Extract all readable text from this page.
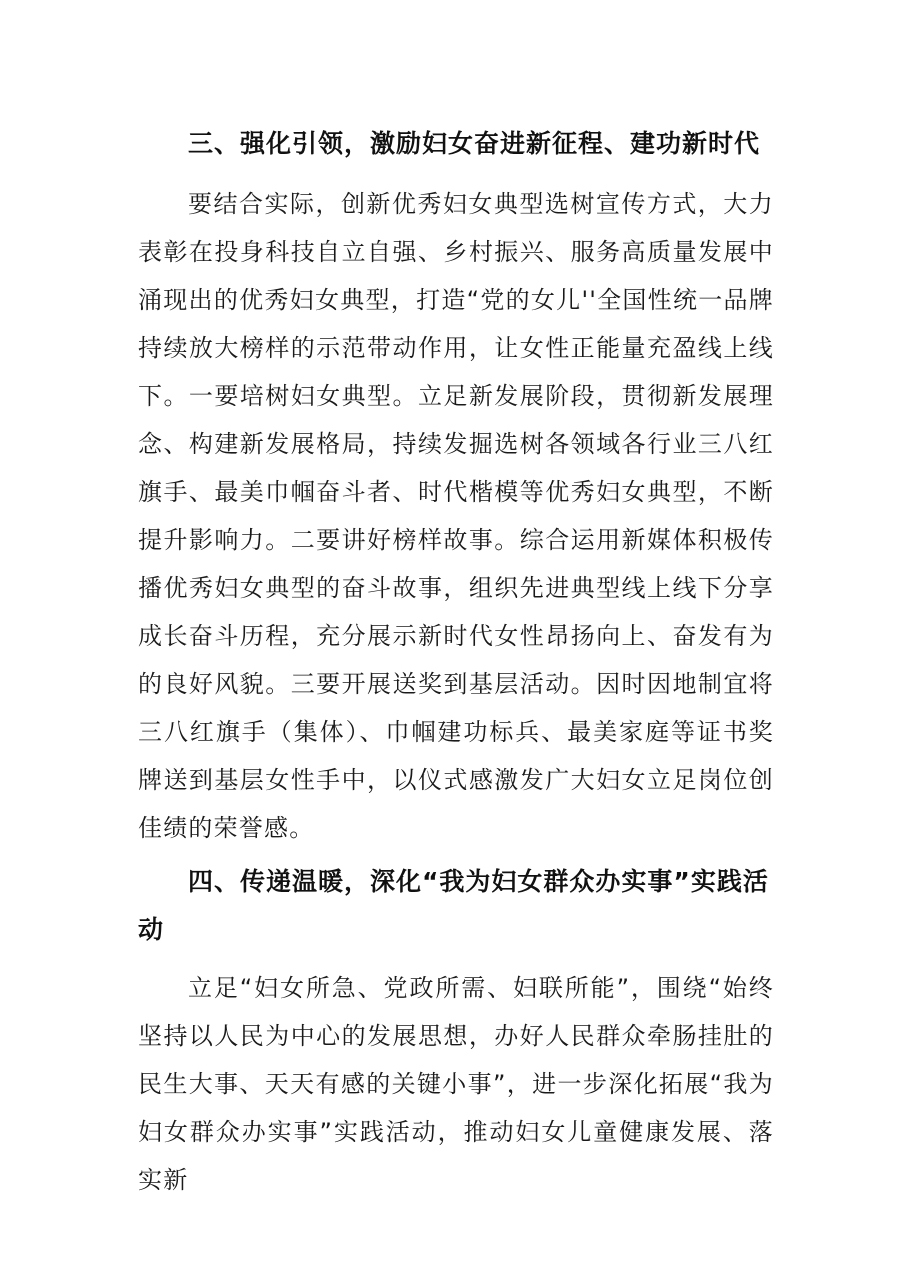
三、强化引领，激励妇女奋进新征程、建功新时代

要结合实际，创新优秀妇女典型选树宣传方式，大力表彰在投身科技自立自强、乡村振兴、服务高质量发展中涌现出的优秀妇女典型，打造“党的女儿''全国性统一品牌持续放大榜样的示范带动作用，让女性正能量充盈线上线下。一要培树妇女典型。立足新发展阶段，贯彻新发展理念、构建新发展格局，持续发掘选树各领域各行业三八红旗手、最美巾帼奋斗者、时代楷模等优秀妇女典型，不断提升影响力。二要讲好榜样故事。综合运用新媒体积极传播优秀妇女典型的奋斗故事，组织先进典型线上线下分享成长奋斗历程，充分展示新时代女性昂扬向上、奋发有为的良好风貌。三要开展送奖到基层活动。因时因地制宜将三八红旗手（集体）、巾帼建功标兵、最美家庭等证书奖牌送到基层女性手中，以仪式感激发广大妇女立足岗位创佳绩的荣誉感。

四、传递温暖，深化“我为妇女群众办实事”实践活动

立足“妇女所急、党政所需、妇联所能”，围绕“始终坚持以人民为中心的发展思想，办好人民群众牵肠挂肚的民生大事、天天有感的关键小事”，进一步深化拓展“我为妇女群众办实事”实践活动，推动妇女儿童健康发展、落实新
